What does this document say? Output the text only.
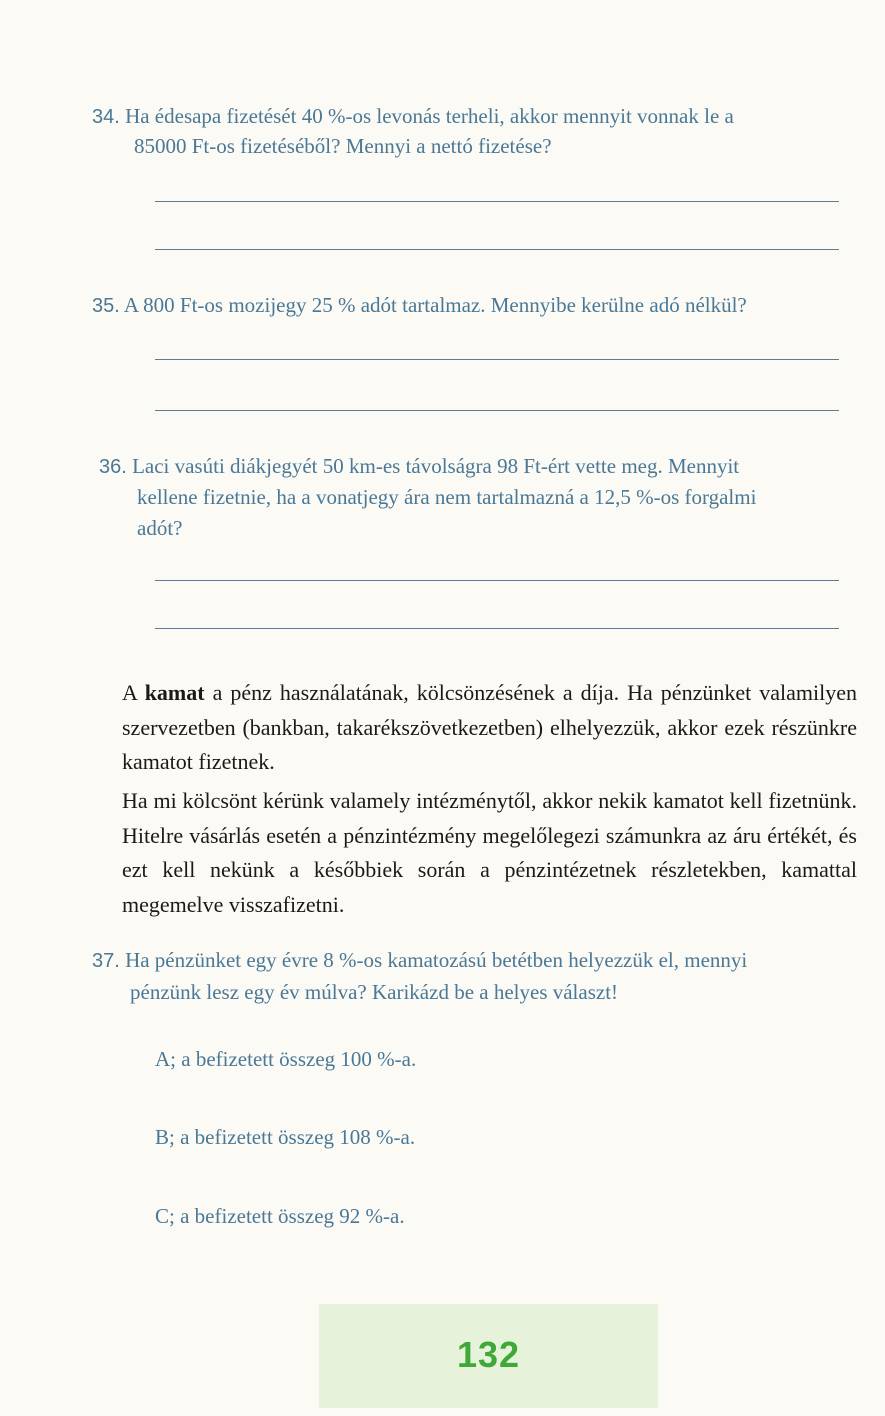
34. Ha édesapa fizetését 40 %-os levonás terheli, akkor mennyit vonnak le a
85000 Ft-os fizetéséből? Mennyi a nettó fizetése?
35. A 800 Ft-os mozijegy 25 % adót tartalmaz. Mennyibe kerülne adó nélkül?
36. Laci vasúti diákjegyét 50 km-es távolságra 98 Ft-ért vette meg. Mennyit
kellene fizetnie, ha a vonatjegy ára nem tartalmazná a 12,5 %-os forgalmi
adót?

A kamat a pénz használatának, kölcsönzésének a díja. Ha pénzünket valamilyen szervezetben (bankban, takarékszövetkezetben) elhelyezzük, akkor ezek részünkre kamatot fizetnek.

Ha mi kölcsönt kérünk valamely intézménytől, akkor nekik kamatot kell fizetnünk. Hitelre vásárlás esetén a pénzintézmény megelőlegezi számunkra az áru értékét, és ezt kell nekünk a későbbiek során a pénzintézetnek részletekben, kamattal megemelve visszafizetni.

37. Ha pénzünket egy évre 8 %-os kamatozású betétben helyezzük el, mennyi
pénzünk lesz egy év múlva? Karikázd be a helyes választ!
A; a befizetett összeg 100 %-a.
B; a befizetett összeg 108 %-a.
C; a befizetett összeg 92 %-a.
132
